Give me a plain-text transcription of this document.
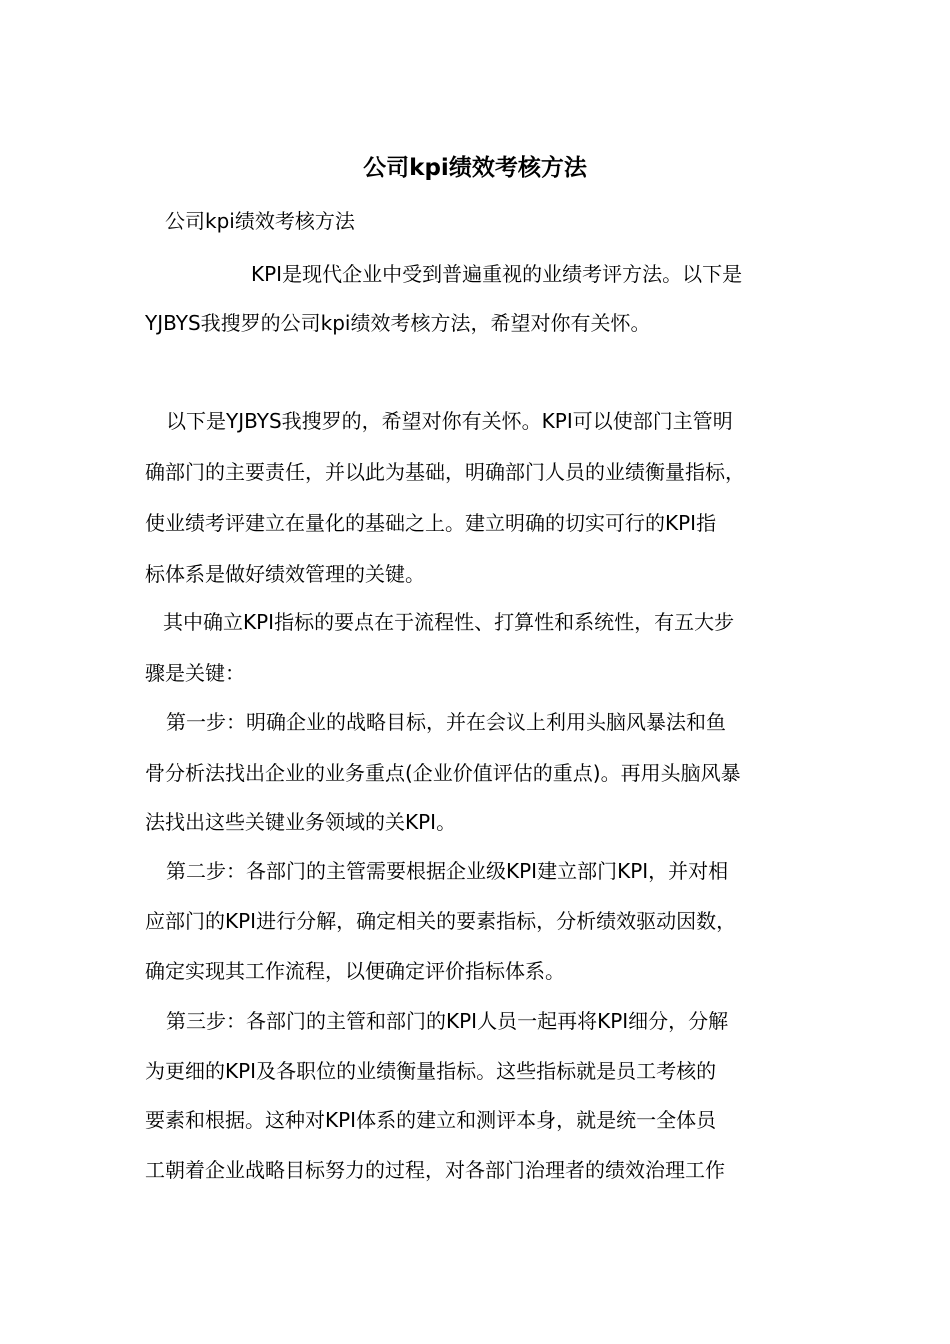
公司kpi绩效考核方法
公司kpi绩效考核方法
KPI是现代企业中受到普遍重视的业绩考评方法。以下是
YJBYS我搜罗的公司kpi绩效考核方法，希望对你有关怀。
以下是YJBYS我搜罗的，希望对你有关怀。KPI可以使部门主管明
确部门的主要责任，并以此为基础，明确部门人员的业绩衡量指标，
使业绩考评建立在量化的基础之上。建立明确的切实可行的KPI指
标体系是做好绩效管理的关键。
其中确立KPI指标的要点在于流程性、打算性和系统性，有五大步
骤是关键：
第一步：明确企业的战略目标，并在会议上利用头脑风暴法和鱼
骨分析法找出企业的业务重点(企业价值评估的重点)。再用头脑风暴
法找出这些关键业务领域的关KPI。
第二步：各部门的主管需要根据企业级KPI建立部门KPI，并对相
应部门的KPI进行分解，确定相关的要素指标，分析绩效驱动因数，
确定实现其工作流程，以便确定评价指标体系。
第三步：各部门的主管和部门的KPI人员一起再将KPI细分，分解
为更细的KPI及各职位的业绩衡量指标。这些指标就是员工考核的
要素和根据。这种对KPI体系的建立和测评本身，就是统一全体员
工朝着企业战略目标努力的过程，对各部门治理者的绩效治理工作
